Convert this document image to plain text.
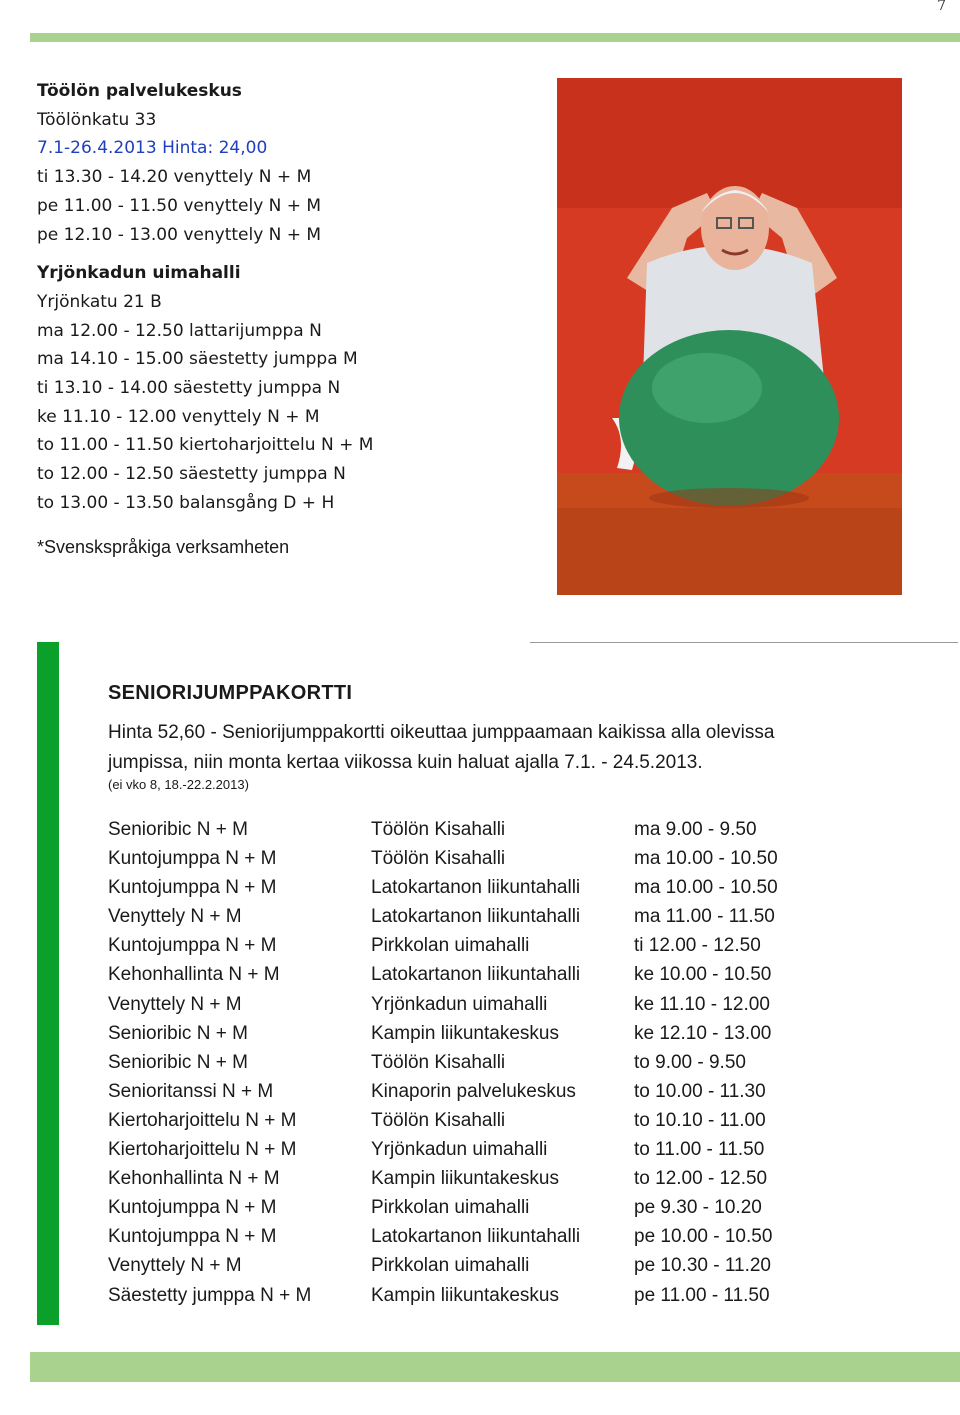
7
Töölön palvelukeskus
Töölönkatu 33
7.1-26.4.2013 Hinta: 24,00
ti 13.30 - 14.20 venyttely N + M
pe 11.00 - 11.50 venyttely N + M
pe 12.10 - 13.00 venyttely N + M
Yrjönkadun uimahalli
Yrjönkatu 21 B
ma 12.00 - 12.50 lattarijumppa N
ma 14.10 - 15.00 säestetty jumppa M
ti 13.10 - 14.00 säestetty jumppa N
ke 11.10 - 12.00 venyttely N + M
to 11.00 - 11.50 kiertoharjoittelu N + M
to 12.00 - 12.50 säestetty jumppa N
to 13.00 - 13.50 balansgång D + H
*Svenskspråkiga verksamheten
SENIORIJUMPPAKORTTI
Hinta 52,60 - Seniorijumppakortti oikeuttaa jumppaamaan kaikissa alla olevissa
jumpissa, niin monta kertaa viikossa kuin haluat ajalla 7.1. - 24.5.2013.
(ei vko 8, 18.-22.2.2013)
Senioribic N + M	Töölön Kisahalli	ma 9.00 - 9.50
Kuntojumppa N + M	Töölön Kisahalli	ma 10.00 - 10.50
Kuntojumppa N + M	Latokartanon liikuntahalli	ma 10.00 - 10.50
Venyttely N + M	Latokartanon liikuntahalli	ma 11.00 - 11.50
Kuntojumppa N + M	Pirkkolan uimahalli	ti 12.00 - 12.50
Kehonhallinta N + M	Latokartanon liikuntahalli	ke 10.00 - 10.50
Venyttely N + M	Yrjönkadun uimahalli	ke 11.10 - 12.00
Senioribic N + M	Kampin liikuntakeskus	ke 12.10 - 13.00
Senioribic N + M	Töölön Kisahalli	to 9.00 - 9.50
Senioritanssi N + M	Kinaporin palvelukeskus	to 10.00 - 11.30
Kiertoharjoittelu N + M	Töölön Kisahalli	to 10.10 - 11.00
Kiertoharjoittelu N + M	Yrjönkadun uimahalli	to 11.00 - 11.50
Kehonhallinta N + M	Kampin liikuntakeskus	to 12.00 - 12.50
Kuntojumppa N + M	Pirkkolan uimahalli	pe 9.30 - 10.20
Kuntojumppa N + M	Latokartanon liikuntahalli	pe 10.00 - 10.50
Venyttely N + M	Pirkkolan uimahalli	pe 10.30 - 11.20
Säestetty jumppa N + M	Kampin liikuntakeskus	pe 11.00 - 11.50
